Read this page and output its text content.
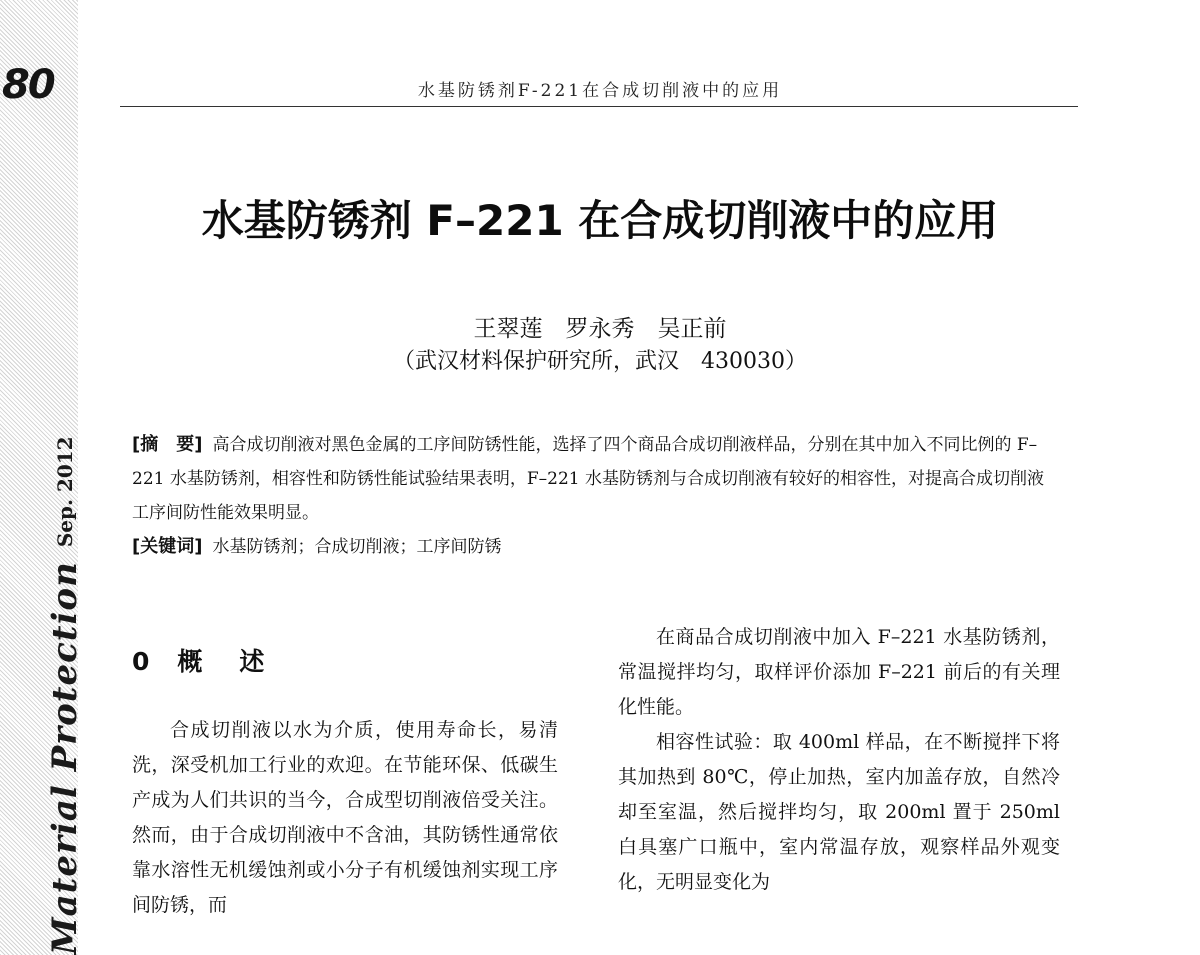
80
Material Protection
Sep. 2012
水基防锈剂F-221在合成切削液中的应用
水基防锈剂 F–221 在合成切削液中的应用
王翠莲　罗永秀　吴正前
（武汉材料保护研究所，武汉　430030）

[摘　要] 高合成切削液对黑色金属的工序间防锈性能，选择了四个商品合成切削液样品，分别在其中加入不同比例的 F–221 水基防锈剂，相容性和防锈性能试验结果表明，F–221 水基防锈剂与合成切削液有较好的相容性，对提高合成切削液工序间防性能效果明显。

[关键词] 水基防锈剂；合成切削液；工序间防锈

0 概　述

合成切削液以水为介质，使用寿命长，易清洗，深受机加工行业的欢迎。在节能环保、低碳生产成为人们共识的当今，合成型切削液倍受关注。然而，由于合成切削液中不含油，其防锈性通常依靠水溶性无机缓蚀剂或小分子有机缓蚀剂实现工序间防锈，而

在商品合成切削液中加入 F–221 水基防锈剂，常温搅拌均匀，取样评价添加 F–221 前后的有关理化性能。

相容性试验：取 400ml 样品，在不断搅拌下将其加热到 80℃，停止加热，室内加盖存放，自然冷却至室温，然后搅拌均匀，取 200ml 置于 250ml 白具塞广口瓶中，室内常温存放，观察样品外观变化，无明显变化为
